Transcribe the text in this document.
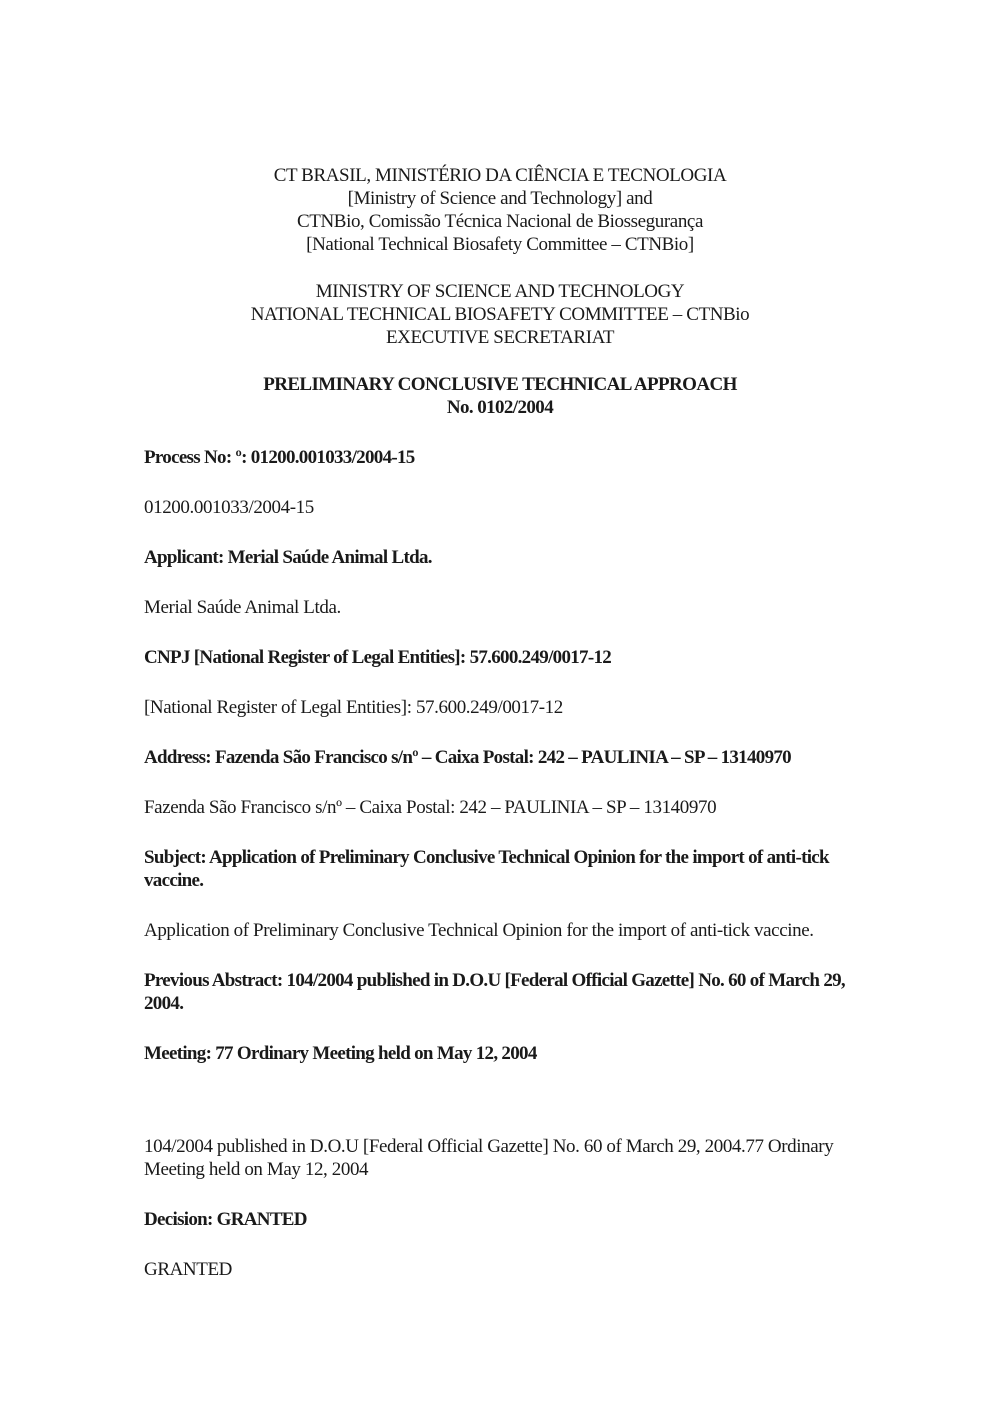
CT BRASIL, MINISTÉRIO DA CIÊNCIA E TECNOLOGIA
[Ministry of Science and Technology] and
CTNBio, Comissão Técnica Nacional de Biossegurança
[National Technical Biosafety Committee – CTNBio]
MINISTRY OF SCIENCE AND TECHNOLOGY
NATIONAL TECHNICAL BIOSAFETY COMMITTEE – CTNBio
EXECUTIVE SECRETARIAT
PRELIMINARY CONCLUSIVE TECHNICAL APPROACH
No. 0102/2004

Process No: º: 01200.001033/2004-15

01200.001033/2004-15

Applicant: Merial Saúde Animal Ltda.

Merial Saúde Animal Ltda.

CNPJ [National Register of Legal Entities]: 57.600.249/0017-12

[National Register of Legal Entities]: 57.600.249/0017-12

Address: Fazenda São Francisco s/nº – Caixa Postal: 242 – PAULINIA – SP – 13140970

Fazenda São Francisco s/nº – Caixa Postal: 242 – PAULINIA – SP – 13140970

Subject: Application of Preliminary Conclusive Technical Opinion for the import of anti-tick vaccine.

Application of Preliminary Conclusive Technical Opinion for the import of anti-tick vaccine.

Previous Abstract: 104/2004 published in D.O.U [Federal Official Gazette] No. 60 of March 29, 2004.

Meeting: 77 Ordinary Meeting held on May 12, 2004

104/2004 published in D.O.U [Federal Official Gazette] No. 60 of March 29, 2004.77 Ordinary Meeting held on May 12, 2004

Decision: GRANTED

GRANTED
